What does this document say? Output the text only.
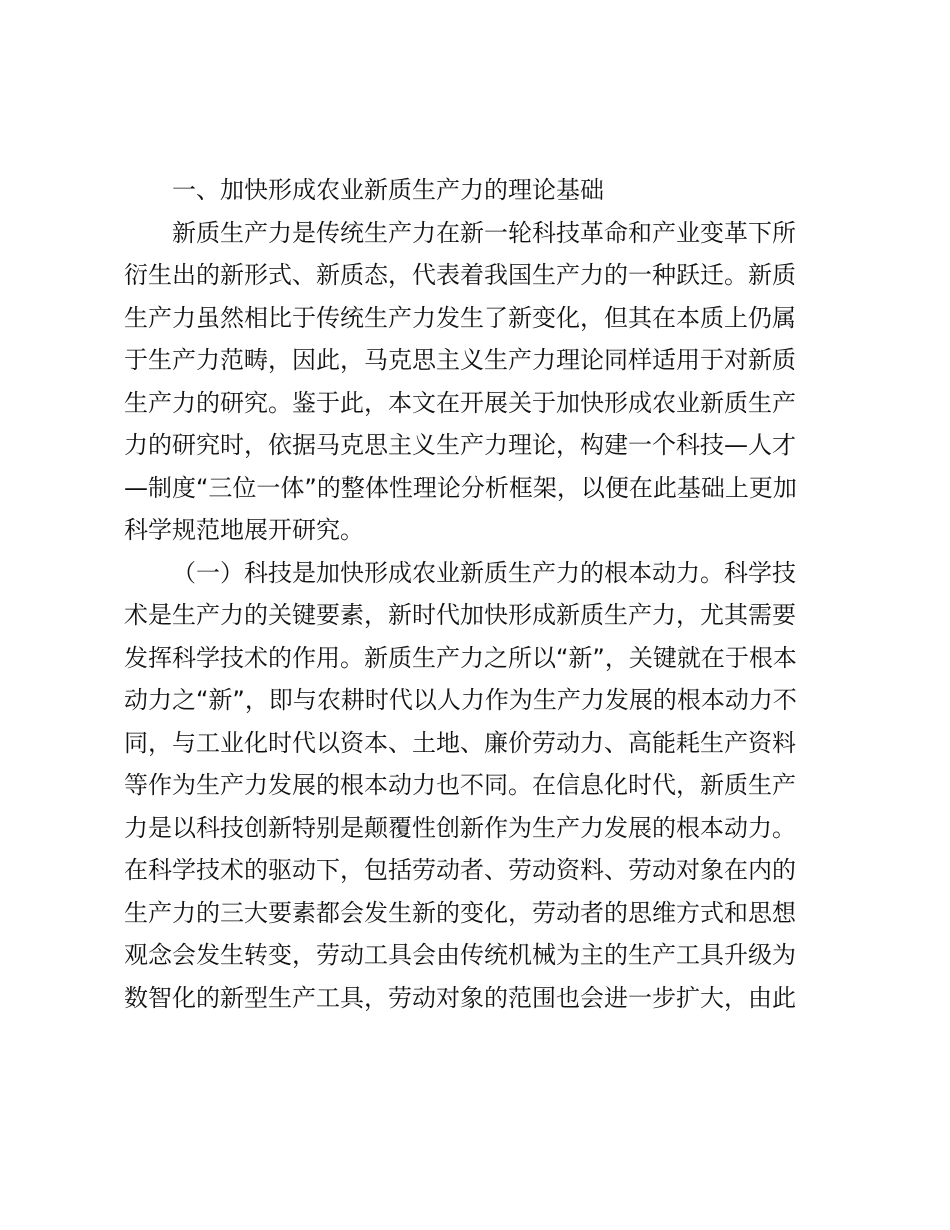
一、加快形成农业新质生产力的理论基础
新质生产力是传统生产力在新一轮科技革命和产业变革下所
衍生出的新形式、新质态，代表着我国生产力的一种跃迁。新质
生产力虽然相比于传统生产力发生了新变化，但其在本质上仍属
于生产力范畴，因此，马克思主义生产力理论同样适用于对新质
生产力的研究。鉴于此，本文在开展关于加快形成农业新质生产
力的研究时，依据马克思主义生产力理论，构建一个科技—人才
—制度“三位一体”的整体性理论分析框架，以便在此基础上更加
科学规范地展开研究。
（一）科技是加快形成农业新质生产力的根本动力。科学技
术是生产力的关键要素，新时代加快形成新质生产力，尤其需要
发挥科学技术的作用。新质生产力之所以“新”，关键就在于根本
动力之“新”，即与农耕时代以人力作为生产力发展的根本动力不
同，与工业化时代以资本、土地、廉价劳动力、高能耗生产资料
等作为生产力发展的根本动力也不同。在信息化时代，新质生产
力是以科技创新特别是颠覆性创新作为生产力发展的根本动力。
在科学技术的驱动下，包括劳动者、劳动资料、劳动对象在内的
生产力的三大要素都会发生新的变化，劳动者的思维方式和思想
观念会发生转变，劳动工具会由传统机械为主的生产工具升级为
数智化的新型生产工具，劳动对象的范围也会进一步扩大，由此
